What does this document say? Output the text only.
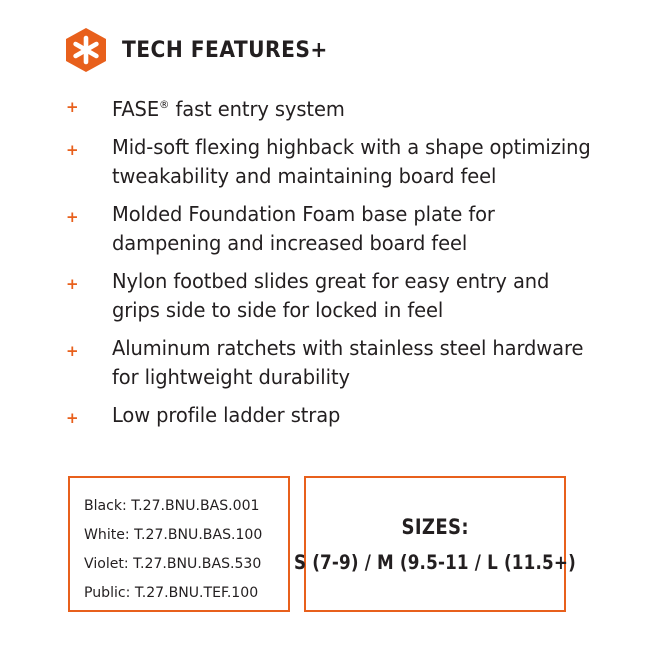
TECH FEATURES+
+	FASE® fast entry system
+	Mid-soft flexing highback with a shape optimizing tweakability and maintaining board feel
+	Molded Foundation Foam base plate for dampening and increased board feel
+	Nylon footbed slides great for easy entry and grips side to side for locked in feel
+	Aluminum ratchets with stainless steel hardware for lightweight durability
+	Low profile ladder strap
Black: T.27.BNU.BAS.001
White: T.27.BNU.BAS.100
Violet: T.27.BNU.BAS.530
Public: T.27.BNU.TEF.100
SIZES:
S (7-9) / M (9.5-11 / L (11.5+)
